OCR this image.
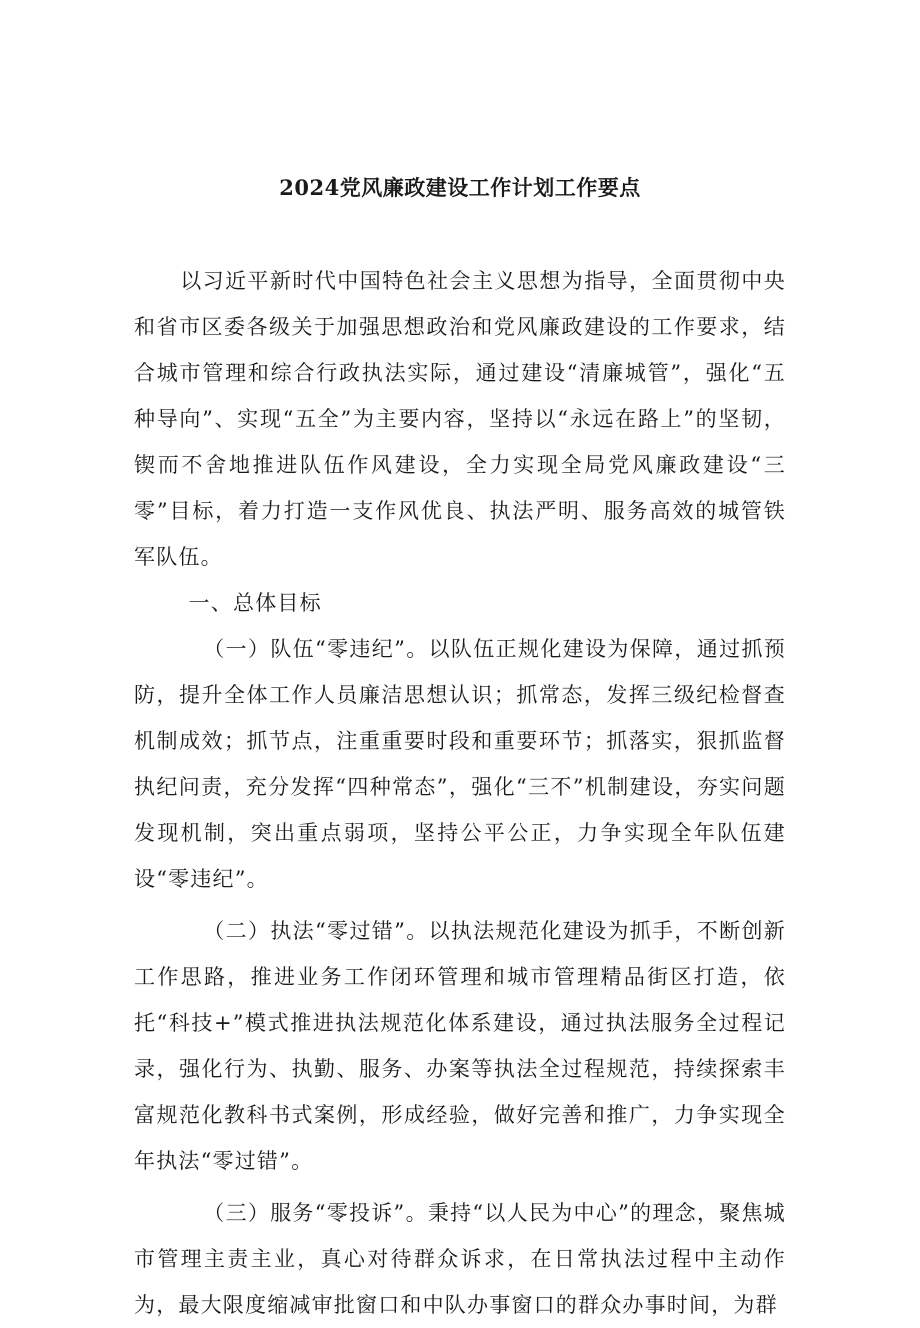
2024党风廉政建设工作计划工作要点

以习近平新时代中国特色社会主义思想为指导，全面贯彻中央和省市区委各级关于加强思想政治和党风廉政建设的工作要求，结合城市管理和综合行政执法实际，通过建设“清廉城管”，强化“五种导向”、实现“五全”为主要内容，坚持以“永远在路上”的坚韧，锲而不舍地推进队伍作风建设，全力实现全局党风廉政建设“三零”目标，着力打造一支作风优良、执法严明、服务高效的城管铁军队伍。

一、总体目标

（一）队伍“零违纪”。以队伍正规化建设为保障，通过抓预防，提升全体工作人员廉洁思想认识；抓常态，发挥三级纪检督查机制成效；抓节点，注重重要时段和重要环节；抓落实，狠抓监督执纪问责，充分发挥“四种常态”，强化“三不”机制建设，夯实问题发现机制，突出重点弱项，坚持公平公正，力争实现全年队伍建设“零违纪”。

（二）执法“零过错”。以执法规范化建设为抓手，不断创新工作思路，推进业务工作闭环管理和城市管理精品街区打造，依托“科技+”模式推进执法规范化体系建设，通过执法服务全过程记录，强化行为、执勤、服务、办案等执法全过程规范，持续探索丰富规范化教科书式案例，形成经验，做好完善和推广，力争实现全年执法“零过错”。

（三）服务“零投诉”。秉持“以人民为中心”的理念，聚焦城市管理主责主业，真心对待群众诉求，在日常执法过程中主动作为，最大限度缩减审批窗口和中队办事窗口的群众办事时间，为群
